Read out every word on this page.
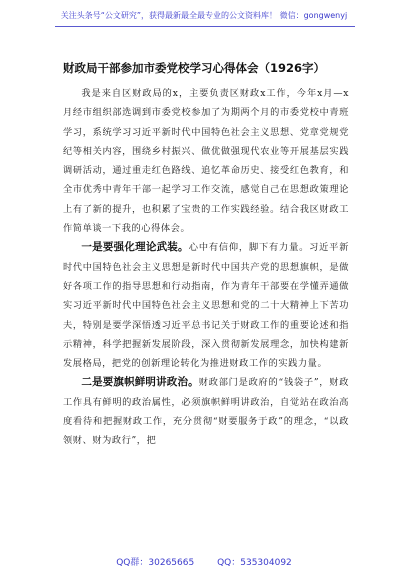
关注头条号“公文研究”，获得最新最全最专业的公文资料库！ 微信：gongwenyj
财政局干部参加市委党校学习心得体会（1926字）

我是来自区财政局的x，主要负责区财政x工作，今年x月—x月经市组织部选调到市委党校参加了为期两个月的市委党校中青班学习，系统学习习近平新时代中国特色社会主义思想、党章党规党纪等相关内容，围绕乡村振兴、做优做强现代农业等开展基层实践调研活动，通过重走红色路线、追忆革命历史、接受红色教育，和全市优秀中青年干部一起学习工作交流，感觉自己在思想政策理论上有了新的提升，也积累了宝贵的工作实践经验。结合我区财政工作简单谈一下我的心得体会。

一是要强化理论武装。心中有信仰，脚下有力量。习近平新时代中国特色社会主义思想是新时代中国共产党的思想旗帜，是做好各项工作的指导思想和行动指南，作为青年干部要在学懂弄通做实习近平新时代中国特色社会主义思想和党的二十大精神上下苦功夫，特别是要学深悟透习近平总书记关于财政工作的重要论述和指示精神，科学把握新发展阶段，深入贯彻新发展理念，加快构建新发展格局，把党的创新理论转化为推进财政工作的实践力量。

二是要旗帜鲜明讲政治。财政部门是政府的“钱袋子”，财政工作具有鲜明的政治属性，必须旗帜鲜明讲政治，自觉站在政治高度看待和把握财政工作，充分贯彻“财要服务于政”的理念，“以政领财、财为政行”，把

QQ群：30265665	QQ：535304092
